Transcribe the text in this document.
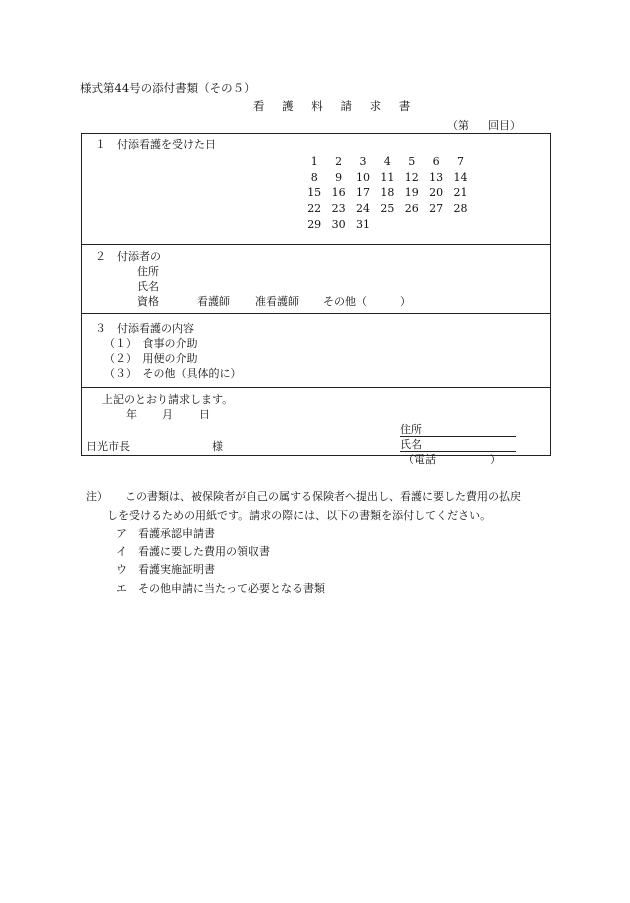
様式第44号の添付書類（その５）
看 護 料 請 求 書
（第 回目）
１　付添看護を受けた日
1	2	3	4	5	6	7
8	9	10 11 12 13 14
15 16 17 18 19 20 21
22 23 24 25 26 27 28
29 30 31
２　付添者の
住所
氏名
資格	看護師 准看護師 その他（　　　）
３　付添看護の内容
（１）　食事の介助
（２）　用便の介助
（３）　その他（具体的に）
上記のとおり請求します。
年 月 日
住所
氏名
（電話	）
日光市長	様
注） この書類は、被保険者が自己の属する保険者へ提出し、看護に要した費用の払戻
しを受けるための用紙です。請求の際には、以下の書類を添付してください。
ア　看護承認申請書
イ　看護に要した費用の領収書
ウ　看護実施証明書
エ　その他申請に当たって必要となる書類
